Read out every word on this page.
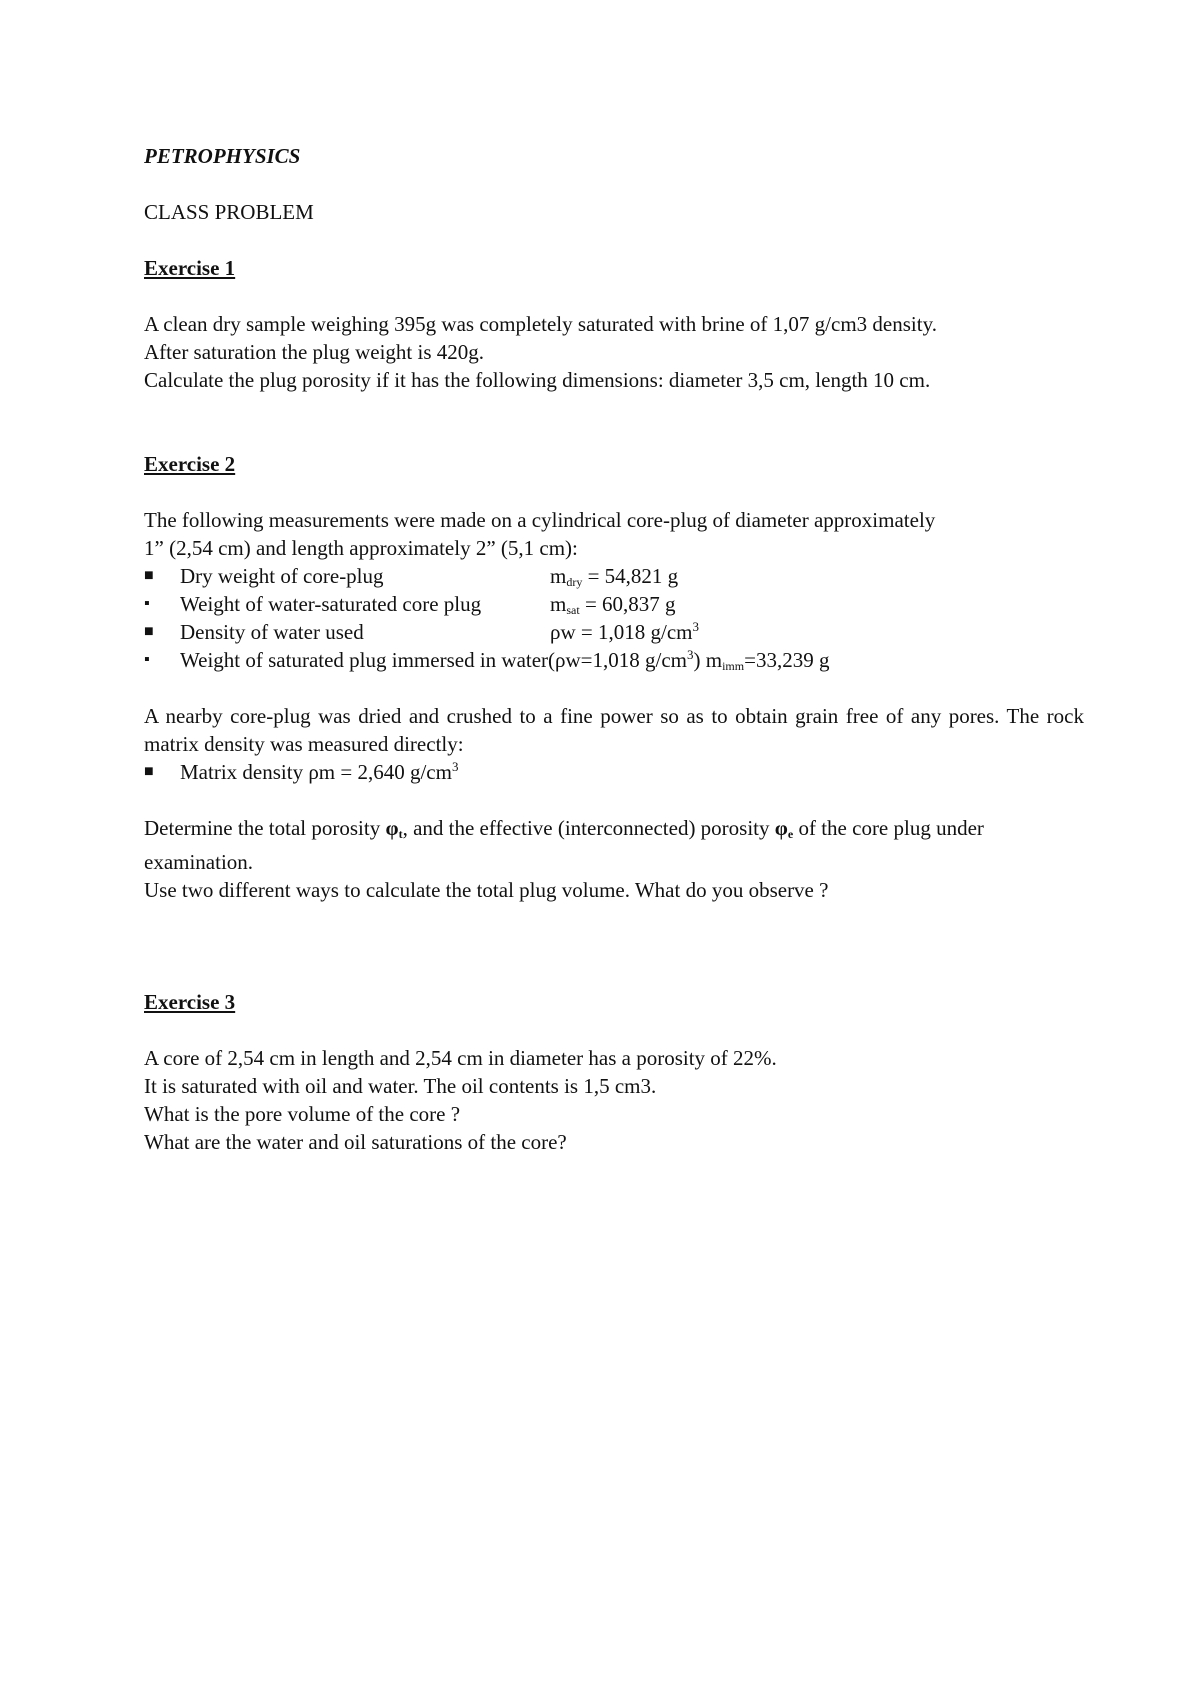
PETROPHYSICS

CLASS PROBLEM

Exercise 1

A clean dry sample weighing 395g was completely saturated with brine of 1,07 g/cm3 density.
After saturation the plug weight is 420g.
Calculate the plug porosity if it has the following dimensions: diameter 3,5 cm, length 10 cm.

Exercise 2

The following measurements were made on a cylindrical core-plug of diameter approximately
1” (2,54 cm) and length approximately 2” (5,1 cm):

■	Dry weight of core-plug	$m_{dry} = 54,821$ g
▪	Weight of water-saturated core plug	$m_{sat} = 60,837$ g
■	Density of water used	ρw = 1,018 $g/cm^3$
▪	Weight of saturated plug immersed in water(ρw=1,018 $g/cm^3$) $m_{imm}=33,239$ g

A nearby core-plug was dried and crushed to a fine power so as to obtain grain free of any pores. The rock matrix density was measured directly:

■	Matrix density ρm = 2,640 $g/cm^3$

Determine the total porosity $\varphi_t$, and the effective (interconnected) porosity $\varphi_e$ of the core plug under examination.

Use two different ways to calculate the total plug volume. What do you observe ?

Exercise 3

A core of 2,54 cm in length and 2,54 cm in diameter has a porosity of 22%.
It is saturated with oil and water. The oil contents is 1,5 cm3.
What is the pore volume of the core ?
What are the water and oil saturations of the core?
